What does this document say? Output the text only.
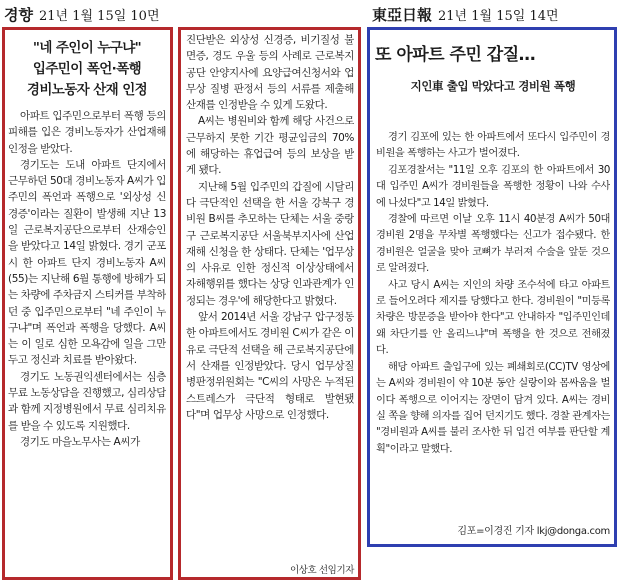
경향 21년 1월 15일 10면	東亞日報 21년 1월 15일 14면
"네 주인이 누구냐"
입주민이 폭언·폭행
경비노동자 산재 인정

아파트 입주민으로부터 폭행 등의 피해를 입은 경비노동자가 산업재해 인정을 받았다.

경기도는 도내 아파트 단지에서 근무하던 50대 경비노동자 A씨가 입주민의 폭언과 폭행으로 '외상성 신경증'이라는 질환이 발생해 지난 13일 근로복지공단으로부터 산재승인을 받았다고 14일 밝혔다. 경기 군포시 한 아파트 단지 경비노동자 A씨(55)는 지난해 6월 통행에 방해가 되는 차량에 주차금지 스티커를 부착하던 중 입주민으로부터 "네 주인이 누구냐"며 폭언과 폭행을 당했다. A씨는 이 일로 심한 모욕감에 일을 그만두고 정신과 치료를 받아왔다.

경기도 노동권익센터에서는 심층 무료 노동상담을 진행했고, 심리상담과 함께 지정병원에서 무료 심리치유를 받을 수 있도록 지원했다.

경기도 마을노무사는 A씨가

진단받은 외상성 신경증, 비기질성 불면증, 경도 우울 등의 사례로 근로복지공단 안양지사에 요양급여신청서와 업무상 질병 판정서 등의 서류를 제출해 산재를 인정받을 수 있게 도왔다.

A씨는 병원비와 함께 해당 사건으로 근무하지 못한 기간 평균임금의 70%에 해당하는 휴업급여 등의 보상을 받게 됐다.

지난해 5월 입주민의 갑질에 시달리다 극단적인 선택을 한 서울 강북구 경비원 B씨를 추모하는 단체는 서울 중랑구 근로복지공단 서울북부지사에 산업재해 신청을 한 상태다. 단체는 '업무상의 사유로 인한 정신적 이상상태에서 자해행위를 했다는 상당 인과관계가 인정되는 경우'에 해당한다고 밝혔다.

앞서 2014년 서울 강남구 압구정동 한 아파트에서도 경비원 C씨가 같은 이유로 극단적 선택을 해 근로복지공단에서 산재를 인정받았다. 당시 업무상질병판정위원회는 "C씨의 사망은 누적된 스트레스가 극단적 형태로 발현됐다"며 업무상 사망으로 인정했다.

이상호 선임기자
또 아파트 주민 갑질…
지인車 출입 막았다고 경비원 폭행

경기 김포에 있는 한 아파트에서 또다시 입주민이 경비원을 폭행하는 사고가 벌어졌다.

김포경찰서는 "11일 오후 김포의 한 아파트에서 30대 입주민 A씨가 경비원들을 폭행한 정황이 나와 수사에 나섰다"고 14일 밝혔다.

경찰에 따르면 이날 오후 11시 40분경 A씨가 50대 경비원 2명을 무차별 폭행했다는 신고가 접수됐다. 한 경비원은 얼굴을 맞아 코뼈가 부러져 수술을 앞둔 것으로 알려졌다.

사고 당시 A씨는 지인의 차량 조수석에 타고 아파트로 들어오려다 제지를 당했다고 한다. 경비원이 "미등록 차량은 방문증을 받아야 한다"고 안내하자 "입주민인데 왜 차단기를 안 올리느냐"며 폭행을 한 것으로 전해졌다.

해당 아파트 출입구에 있는 폐쇄회로(CC)TV 영상에는 A씨와 경비원이 약 10분 동안 실랑이와 몸싸움을 벌이다 폭행으로 이어지는 장면이 담겨 있다. A씨는 경비실 쪽을 향해 의자를 집어 던지기도 했다. 경찰 관계자는 "경비원과 A씨를 불러 조사한 뒤 입건 여부를 판단할 계획"이라고 말했다.

김포=이경진 기자 lkj@donga.com
